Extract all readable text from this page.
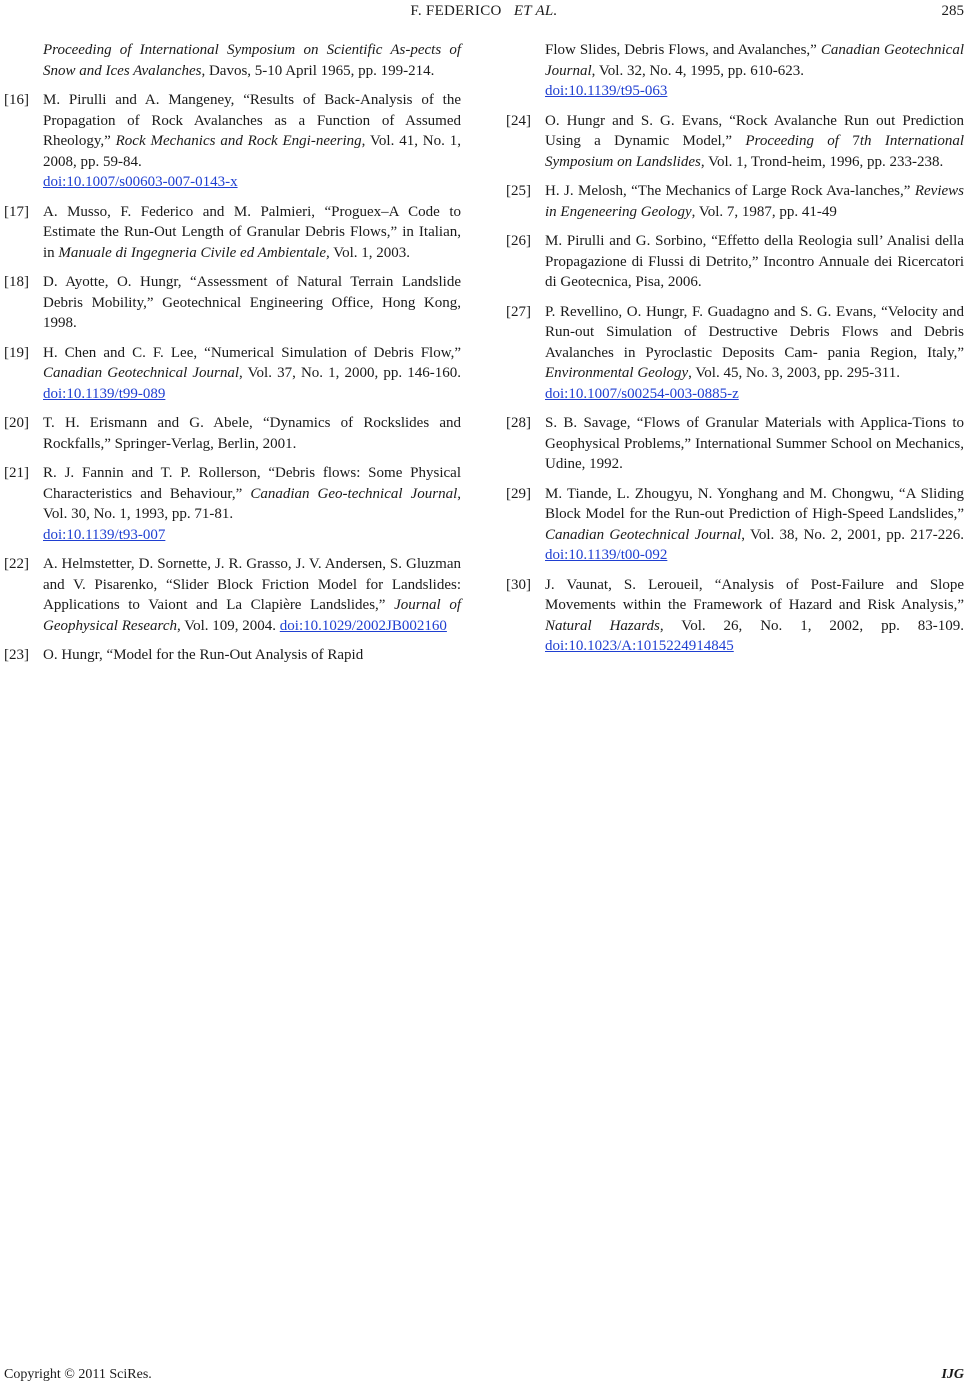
F. FEDERICO ET AL.	285
Proceeding of International Symposium on Scientific As-pects of Snow and Ices Avalanches, Davos, 5-10 April 1965, pp. 199-214.
[16] M. Pirulli and A. Mangeney, “Results of Back-Analysis of the Propagation of Rock Avalanches as a Function of Assumed Rheology,” Rock Mechanics and Rock Engi-neering, Vol. 41, No. 1, 2008, pp. 59-84.
doi:10.1007/s00603-007-0143-x
[17] A. Musso, F. Federico and M. Palmieri, “Proguex–A Code to Estimate the Run-Out Length of Granular Debris Flows,” in Italian, in Manuale di Ingegneria Civile ed Ambientale, Vol. 1, 2003.
[18] D. Ayotte, O. Hungr, “Assessment of Natural Terrain Landslide Debris Mobility,” Geotechnical Engineering Office, Hong Kong, 1998.
[19] H. Chen and C. F. Lee, “Numerical Simulation of Debris Flow,” Canadian Geotechnical Journal, Vol. 37, No. 1, 2000, pp. 146-160. doi:10.1139/t99-089
[20] T. H. Erismann and G. Abele, “Dynamics of Rockslides and Rockfalls,” Springer-Verlag, Berlin, 2001.
[21] R. J. Fannin and T. P. Rollerson, “Debris flows: Some Physical Characteristics and Behaviour,” Canadian Geo-technical Journal, Vol. 30, No. 1, 1993, pp. 71-81.
doi:10.1139/t93-007
[22] A. Helmstetter, D. Sornette, J. R. Grasso, J. V. Andersen, S. Gluzman and V. Pisarenko, “Slider Block Friction Model for Landslides: Applications to Vaiont and La Clapière Landslides,” Journal of Geophysical Research, Vol. 109, 2004. doi:10.1029/2002JB002160
[23] O. Hungr, “Model for the Run-Out Analysis of Rapid
Flow Slides, Debris Flows, and Avalanches,” Canadian Geotechnical Journal, Vol. 32, No. 4, 1995, pp. 610-623.
doi:10.1139/t95-063
[24] O. Hungr and S. G. Evans, “Rock Avalanche Run out Prediction Using a Dynamic Model,” Proceeding of 7th International Symposium on Landslides, Vol. 1, Trond-heim, 1996, pp. 233-238.
[25] H. J. Melosh, “The Mechanics of Large Rock Ava-lanches,” Reviews in Engeneering Geology, Vol. 7, 1987, pp. 41-49
[26] M. Pirulli and G. Sorbino, “Effetto della Reologia sull’ Analisi della Propagazione di Flussi di Detrito,” Incontro Annuale dei Ricercatori di Geotecnica, Pisa, 2006.
[27] P. Revellino, O. Hungr, F. Guadagno and S. G. Evans, “Velocity and Run-out Simulation of Destructive Debris Flows and Debris Avalanches in Pyroclastic Deposits Cam- pania Region, Italy,” Environmental Geology, Vol. 45, No. 3, 2003, pp. 295-311.
doi:10.1007/s00254-003-0885-z
[28] S. B. Savage, “Flows of Granular Materials with Applica-Tions to Geophysical Problems,” International Summer School on Mechanics, Udine, 1992.
[29] M. Tiande, L. Zhougyu, N. Yonghang and M. Chongwu, “A Sliding Block Model for the Run-out Prediction of High-Speed Landslides,” Canadian Geotechnical Journal, Vol. 38, No. 2, 2001, pp. 217-226. doi:10.1139/t00-092
[30] J. Vaunat, S. Leroueil, “Analysis of Post-Failure and Slope Movements within the Framework of Hazard and Risk Analysis,” Natural Hazards, Vol. 26, No. 1, 2002, pp. 83-109. doi:10.1023/A:1015224914845
Copyright © 2011 SciRes.	IJG
